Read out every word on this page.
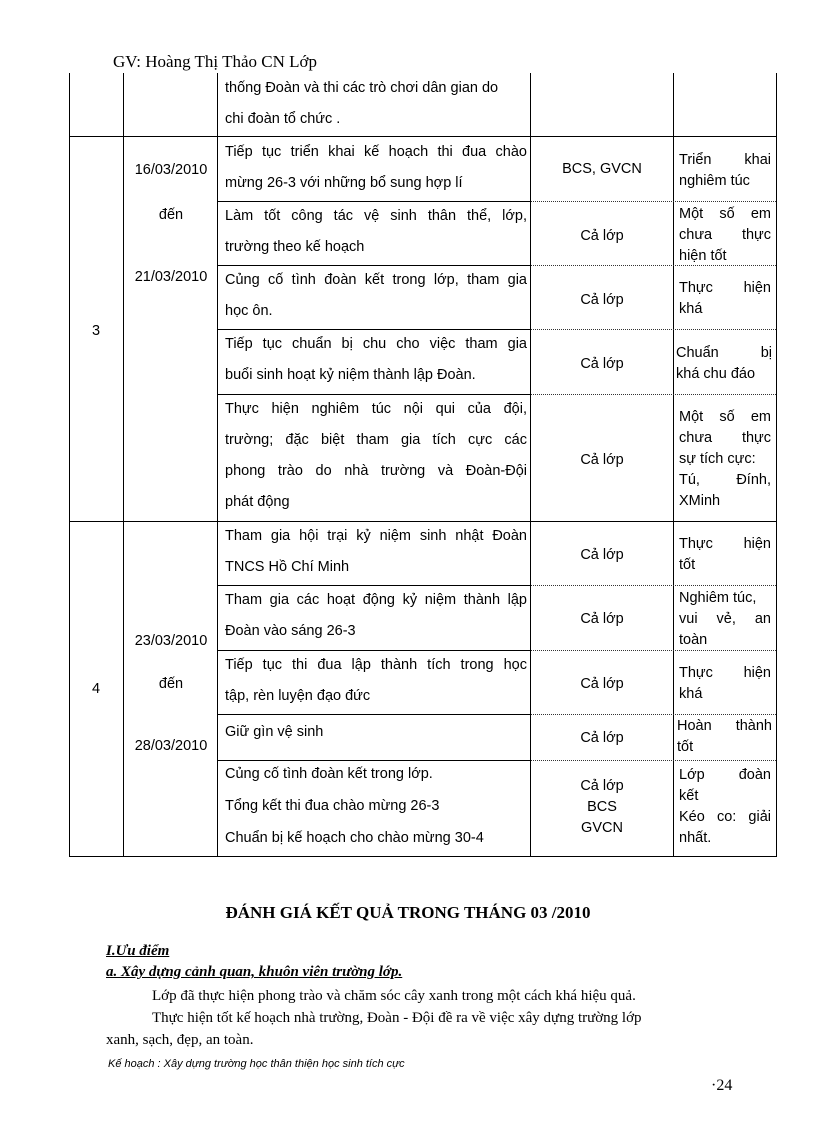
GV: Hoàng Thị Thảo CN Lớp
thống Đoàn và thi các trò chơi dân gian do
chi đoàn tổ chức .
3
16/03/2010
đến
21/03/2010
Tiếp tục triển khai kế hoạch thi đua chào
mừng 26-3 với những bổ sung hợp lí
BCS, GVCN
Triển khai
nghiêm túc
Làm tốt công tác vệ sinh thân thể, lớp,
trường theo kế hoạch
Cả lớp
Một số em
chưa thực
hiện tốt
Củng cố tình đoàn kết trong lớp, tham gia
học ôn.
Cả lớp
Thực hiện
khá
Tiếp tục chuẩn bị chu cho việc tham gia
buổi sinh hoạt kỷ niệm thành lập Đoàn.
Cả lớp
Chuẩn bị
khá chu đáo
Thực hiện nghiêm túc nội qui của đội,
trường; đặc biệt tham gia tích cực các
phong trào do nhà trường và Đoàn-Đội
phát động
Cả lớp
Một số em
chưa thực
sự tích cực:
Tú, Đính,
XMinh
4
23/03/2010
đến
28/03/2010
Tham gia hội trại kỷ niệm sinh nhật Đoàn
TNCS Hồ Chí Minh
Cả lớp
Thực hiện
tốt
Tham gia các hoạt động kỷ niệm thành lập
Đoàn vào sáng 26-3
Cả lớp
Nghiêm túc,
vui vẻ, an
toàn
Tiếp tục thi đua lập thành tích trong học
tập, rèn luyện đạo đức
Cả lớp
Thực hiện
khá
Giữ gìn vệ sinh	Cả lớp
Hoàn thành
tốt
Củng cố tình đoàn kết trong lớp.
Tổng kết thi đua chào mừng 26-3
Chuẩn bị kế hoạch cho chào mừng 30-4
Cả lớp
BCS
GVCN
Lớp đoàn
kết
Kéo co: giải
nhất.
ĐÁNH GIÁ KẾT QUẢ TRONG THÁNG 03 /2010
I.Ưu điểm
a. Xây dựng cảnh quan, khuôn viên trường lớp.
Lớp đã thực hiện phong trào và chăm sóc cây xanh trong một cách khá hiệu quả.
Thực hiện tốt kế hoạch nhà trường, Đoàn - Đội đề ra về việc xây dựng trường lớp
xanh, sạch, đẹp, an toàn.
Kế hoạch : Xây dựng trường học thân thiện học sinh tích cực
·24
